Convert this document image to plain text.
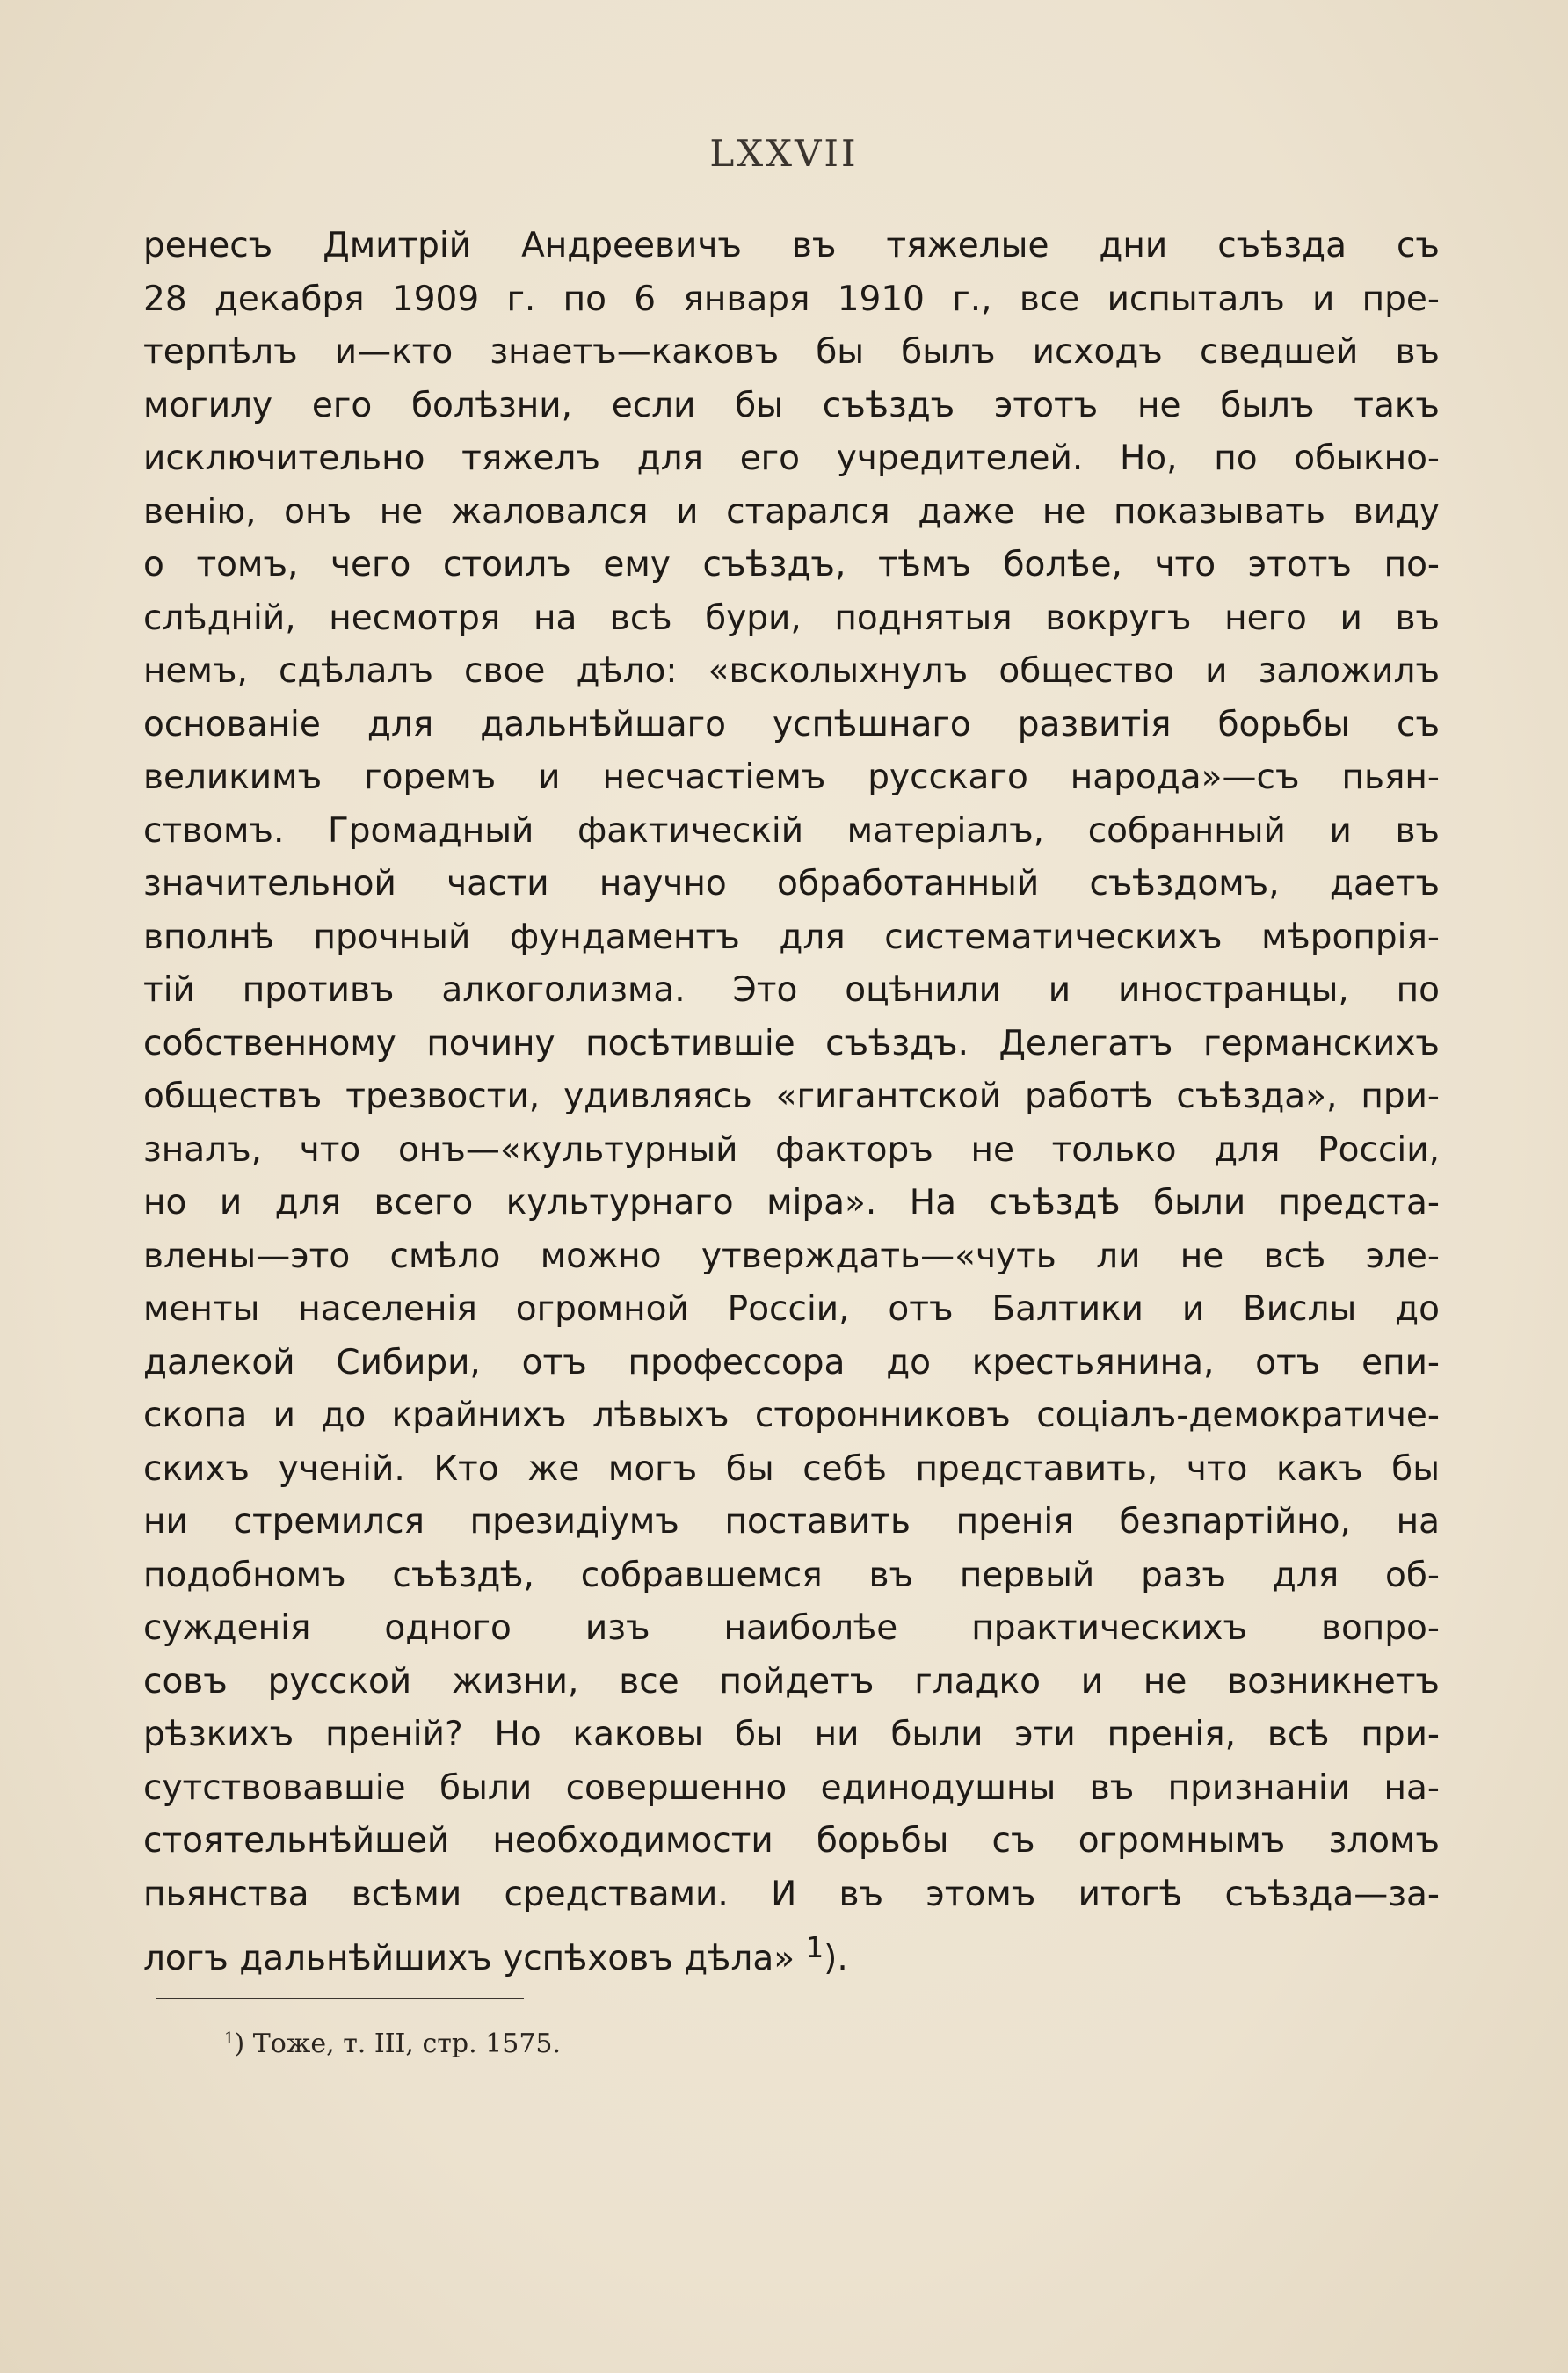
LXXVII
ренесъ Дмитрій Андреевичъ въ тяжелые дни съѣзда съ
28 декабря 1909 г. по 6 января 1910 г., все испыталъ и пре-
терпѣлъ и—кто знаетъ—каковъ бы былъ исходъ сведшей въ
могилу его болѣзни, если бы съѣздъ этотъ не былъ такъ
исключительно тяжелъ для его учредителей. Но, по обыкно-
венію, онъ не жаловался и старался даже не показывать виду
о томъ, чего стоилъ ему съѣздъ, тѣмъ болѣе, что этотъ по-
слѣдній, несмотря на всѣ бури, поднятыя вокругъ него и въ
немъ, сдѣлалъ свое дѣло: «всколыхнулъ общество и заложилъ
основаніе для дальнѣйшаго успѣшнаго развитія борьбы съ
великимъ горемъ и несчастіемъ русскаго народа»—съ пьян-
ствомъ. Громадный фактическій матеріалъ, собранный и въ
значительной части научно обработанный съѣздомъ, даетъ
вполнѣ прочный фундаментъ для систематическихъ мѣропрія-
тій противъ алкоголизма. Это оцѣнили и иностранцы, по
собственному почину посѣтившіе съѣздъ. Делегатъ германскихъ
обществъ трезвости, удивляясь «гигантской работѣ съѣзда», при-
зналъ, что онъ—«культурный факторъ не только для Россіи,
но и для всего культурнаго міра». На съѣздѣ были предста-
влены—это смѣло можно утверждать—«чуть ли не всѣ эле-
менты населенія огромной Россіи, отъ Балтики и Вислы до
далекой Сибири, отъ профессора до крестьянина, отъ епи-
скопа и до крайнихъ лѣвыхъ сторонниковъ соціалъ-демократиче-
скихъ ученій. Кто же могъ бы себѣ представить, что какъ бы
ни стремился президіумъ поставить пренія безпартійно, на
подобномъ съѣздѣ, собравшемся въ первый разъ для об-
сужденія одного изъ наиболѣе практическихъ вопро-
совъ русской жизни, все пойдетъ гладко и не возникнетъ
рѣзкихъ преній? Но каковы бы ни были эти пренія, всѣ при-
сутствовавшіе были совершенно единодушны въ признаніи на-
стоятельнѣйшей необходимости борьбы съ огромнымъ зломъ
пьянства всѣми средствами. И въ этомъ итогѣ съѣзда—за-
логъ дальнѣйшихъ успѣховъ дѣла» $^1$).
$^1$) Тоже, т. III, стр. 1575.
